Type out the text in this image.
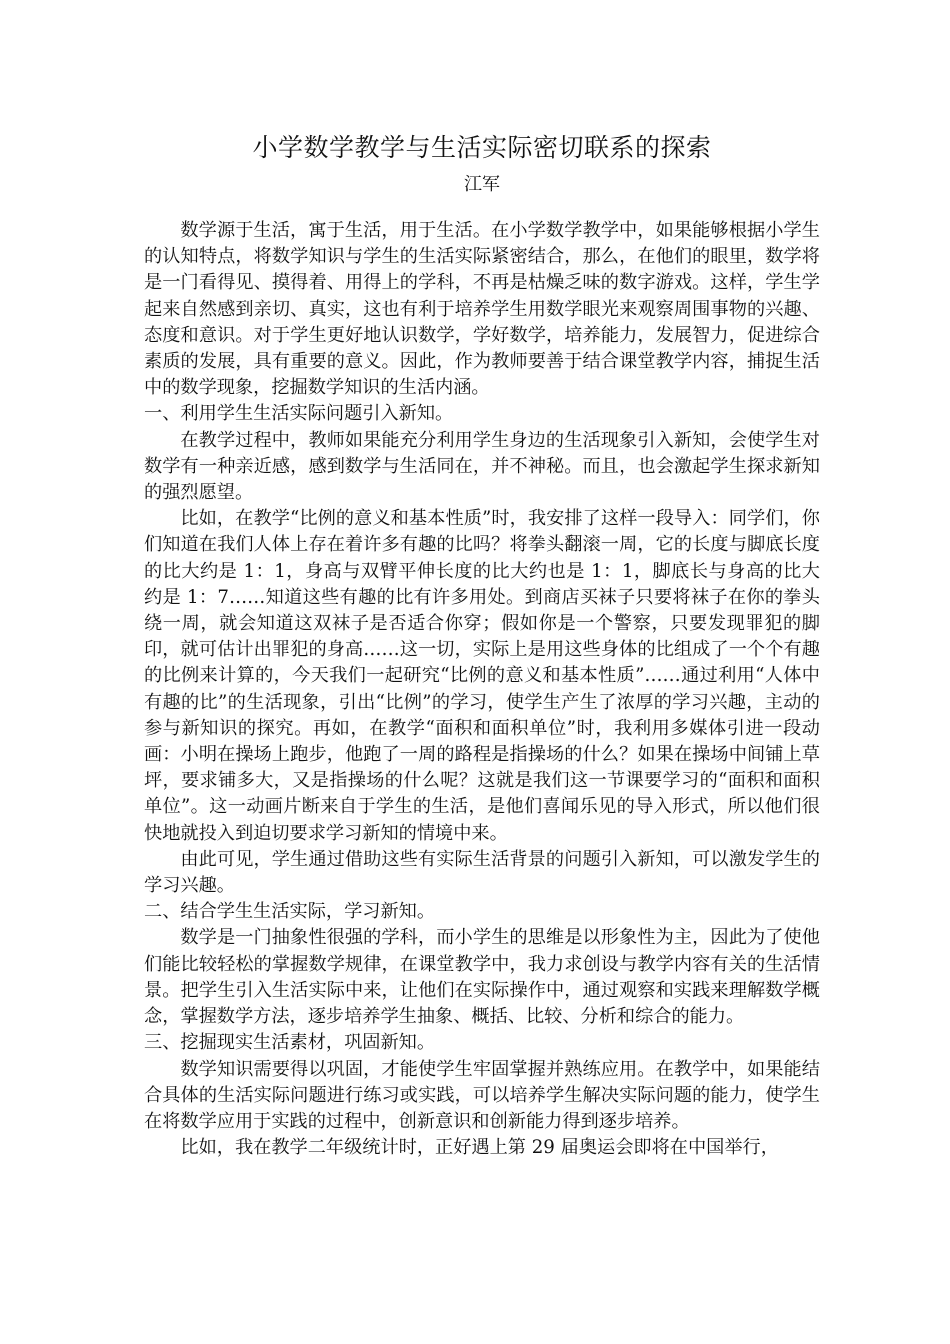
小学数学教学与生活实际密切联系的探索
江军

数学源于生活，寓于生活，用于生活。在小学数学教学中，如果能够根据小学生的认知特点，将数学知识与学生的生活实际紧密结合，那么，在他们的眼里，数学将是一门看得见、摸得着、用得上的学科，不再是枯燥乏味的数字游戏。这样，学生学起来自然感到亲切、真实，这也有利于培养学生用数学眼光来观察周围事物的兴趣、态度和意识。对于学生更好地认识数学，学好数学，培养能力，发展智力，促进综合素质的发展，具有重要的意义。因此，作为教师要善于结合课堂教学内容，捕捉生活中的数学现象，挖掘数学知识的生活内涵。

一、利用学生生活实际问题引入新知。

在教学过程中，教师如果能充分利用学生身边的生活现象引入新知，会使学生对数学有一种亲近感，感到数学与生活同在，并不神秘。而且，也会激起学生探求新知的强烈愿望。

比如，在教学“比例的意义和基本性质”时，我安排了这样一段导入：同学们，你们知道在我们人体上存在着许多有趣的比吗？将拳头翻滚一周，它的长度与脚底长度的比大约是 1：1，身高与双臂平伸长度的比大约也是 1：1，脚底长与身高的比大约是 1：7……知道这些有趣的比有许多用处。到商店买袜子只要将袜子在你的拳头绕一周，就会知道这双袜子是否适合你穿；假如你是一个警察，只要发现罪犯的脚印，就可估计出罪犯的身高……这一切，实际上是用这些身体的比组成了一个个有趣的比例来计算的，今天我们一起研究“比例的意义和基本性质”……通过利用“人体中有趣的比”的生活现象，引出“比例”的学习，使学生产生了浓厚的学习兴趣，主动的参与新知识的探究。再如，在教学“面积和面积单位”时，我利用多媒体引进一段动画：小明在操场上跑步，他跑了一周的路程是指操场的什么？如果在操场中间铺上草坪，要求铺多大，又是指操场的什么呢？这就是我们这一节课要学习的“面积和面积单位”。这一动画片断来自于学生的生活，是他们喜闻乐见的导入形式，所以他们很快地就投入到迫切要求学习新知的情境中来。

由此可见，学生通过借助这些有实际生活背景的问题引入新知，可以激发学生的学习兴趣。

二、结合学生生活实际，学习新知。

数学是一门抽象性很强的学科，而小学生的思维是以形象性为主，因此为了使他们能比较轻松的掌握数学规律，在课堂教学中，我力求创设与教学内容有关的生活情景。把学生引入生活实际中来，让他们在实际操作中，通过观察和实践来理解数学概念，掌握数学方法，逐步培养学生抽象、概括、比较、分析和综合的能力。

三、挖掘现实生活素材，巩固新知。

数学知识需要得以巩固，才能使学生牢固掌握并熟练应用。在教学中，如果能结合具体的生活实际问题进行练习或实践，可以培养学生解决实际问题的能力，使学生在将数学应用于实践的过程中，创新意识和创新能力得到逐步培养。

比如，我在教学二年级统计时，正好遇上第 29 届奥运会即将在中国举行，
